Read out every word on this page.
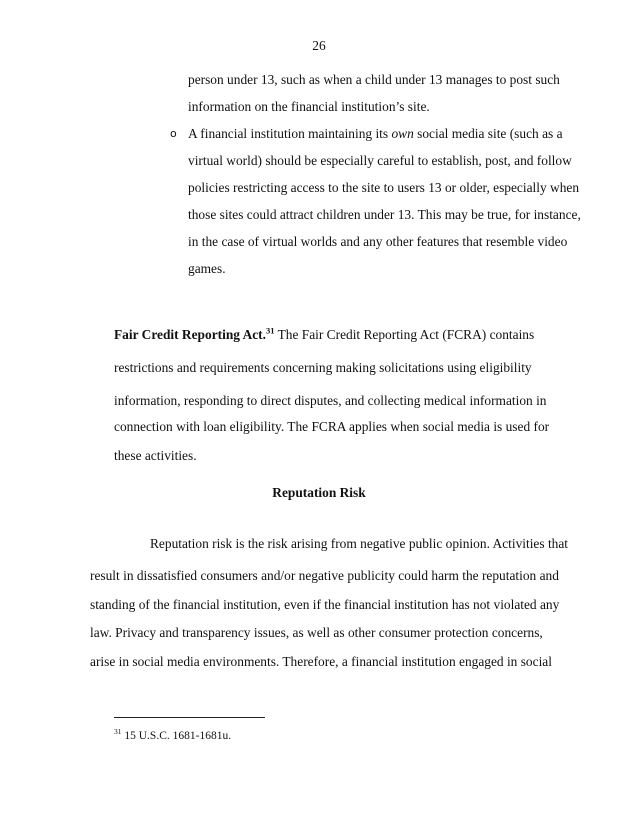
26
person under 13, such as when a child under 13 manages to post such
information on the financial institution’s site.
o A financial institution maintaining its own social media site (such as a
virtual world) should be especially careful to establish, post, and follow
policies restricting access to the site to users 13 or older, especially when
those sites could attract children under 13. This may be true, for instance,
in the case of virtual worlds and any other features that resemble video
games.
Fair Credit Reporting Act.$^{31}$ The Fair Credit Reporting Act (FCRA) contains
restrictions and requirements concerning making solicitations using eligibility
information, responding to direct disputes, and collecting medical information in
connection with loan eligibility. The FCRA applies when social media is used for
these activities.
Reputation Risk
Reputation risk is the risk arising from negative public opinion. Activities that
result in dissatisfied consumers and/or negative publicity could harm the reputation and
standing of the financial institution, even if the financial institution has not violated any
law. Privacy and transparency issues, as well as other consumer protection concerns,
arise in social media environments. Therefore, a financial institution engaged in social
$^{31}$ 15 U.S.C. 1681-1681u.
